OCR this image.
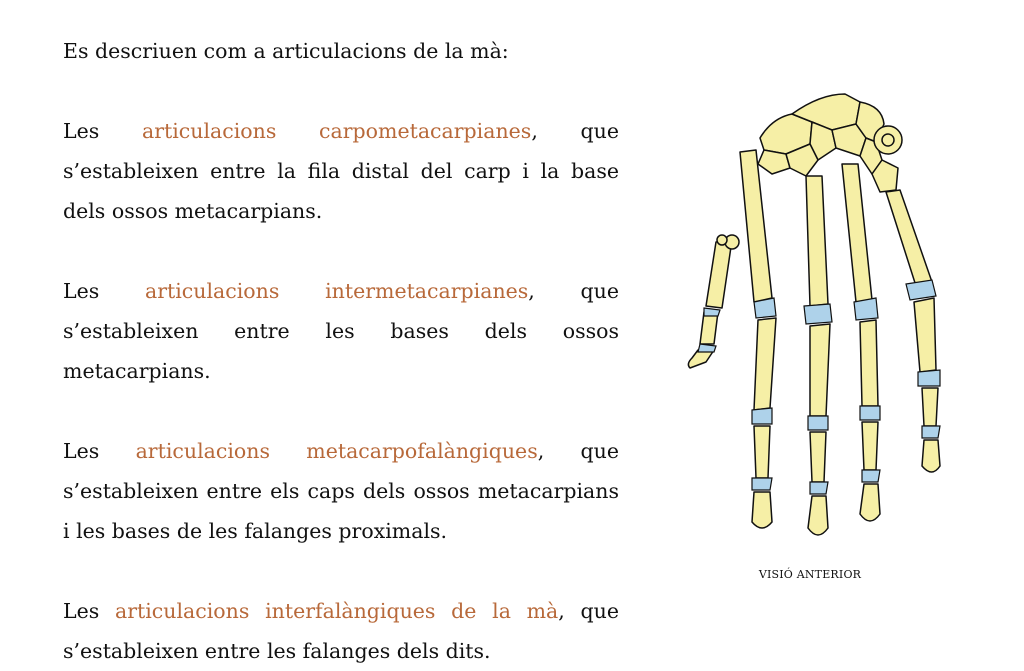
Es descriuen com a articulacions de la mà:

Les articulacions carpometacarpianes, que s’estableixen entre la fila distal del carp i la base dels ossos metacarpians.

Les articulacions intermetacarpianes, que s’estableixen entre les bases dels ossos metacarpians.

Les articulacions metacarpofalàngiques, que s’estableixen entre els caps dels ossos metacarpians i les bases de les falanges proximals.

Les articulacions interfalàngiques de la mà, que s’estableixen entre les falanges dels dits.

VISIÓ ANTERIOR
